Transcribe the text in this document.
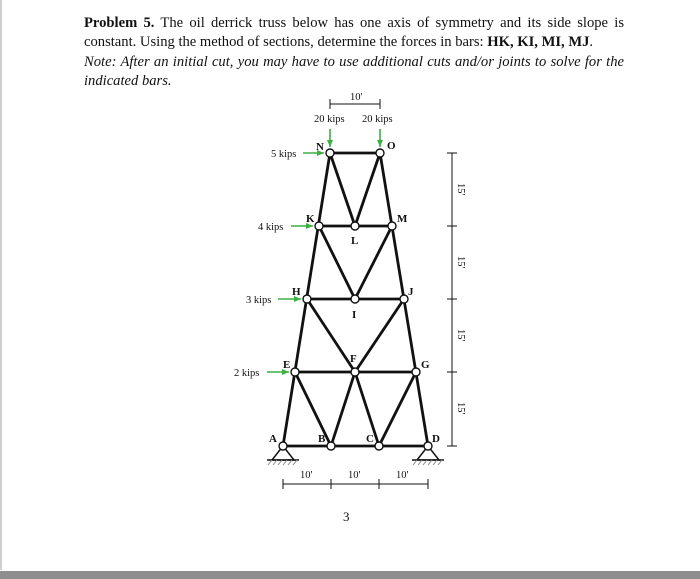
Problem 5. The oil derrick truss below has one axis of symmetry and its side slope is constant. Using the method of sections, determine the forces in bars: HK, KI, MI, MJ.
Note: After an initial cut, you may have to use additional cuts and/or joints to solve for the indicated bars.
N	O
K	M
L
H
I
J
E	F	G
A	B	C	D
20 kips 20 kips
5 kips
4 kips
3 kips
2 kips
10'
10'	10'	10'
15'
15'
15'
15'
3
